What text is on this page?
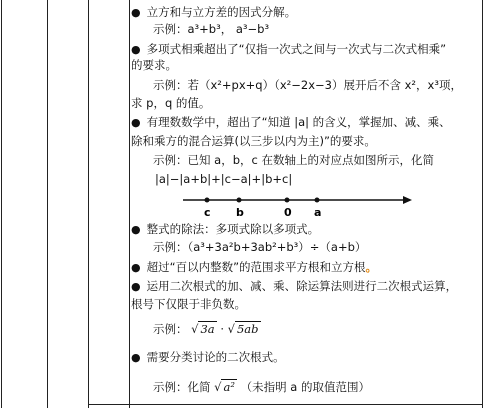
● 立方和与立方差的因式分解。
示例：a³+b³， a³−b³
● 多项式相乘超出了“仅指一次式之间与一次式与二次式相乘”
的要求。
示例：若（x²+px+q）（x²−2x−3）展开后不含 x²，x³项，
求 p，q 的值。
● 有理数数学中，超出了“知道 |a| 的含义，掌握加、减、乘、
除和乘方的混合运算(以三步以内为主)”的要求。
示例：已知 a，b，c 在数轴上的对应点如图所示，化简
|a|−|a+b|+|c−a|+|b+c|
c b	0 a
● 整式的除法：多项式除以多项式。
示例：（a³+3a²b+3ab²+b³）÷（a+b）
● 超过“百以内整数”的范围求平方根和立方根。
● 运用二次根式的加、减、乘、除运算法则进行二次根式运算，
根号下仅限于非负数。
示例： √ 3a · √ 5ab
● 需要分类讨论的二次根式。
示例：化简 √ a² （未指明 a 的取值范围）
